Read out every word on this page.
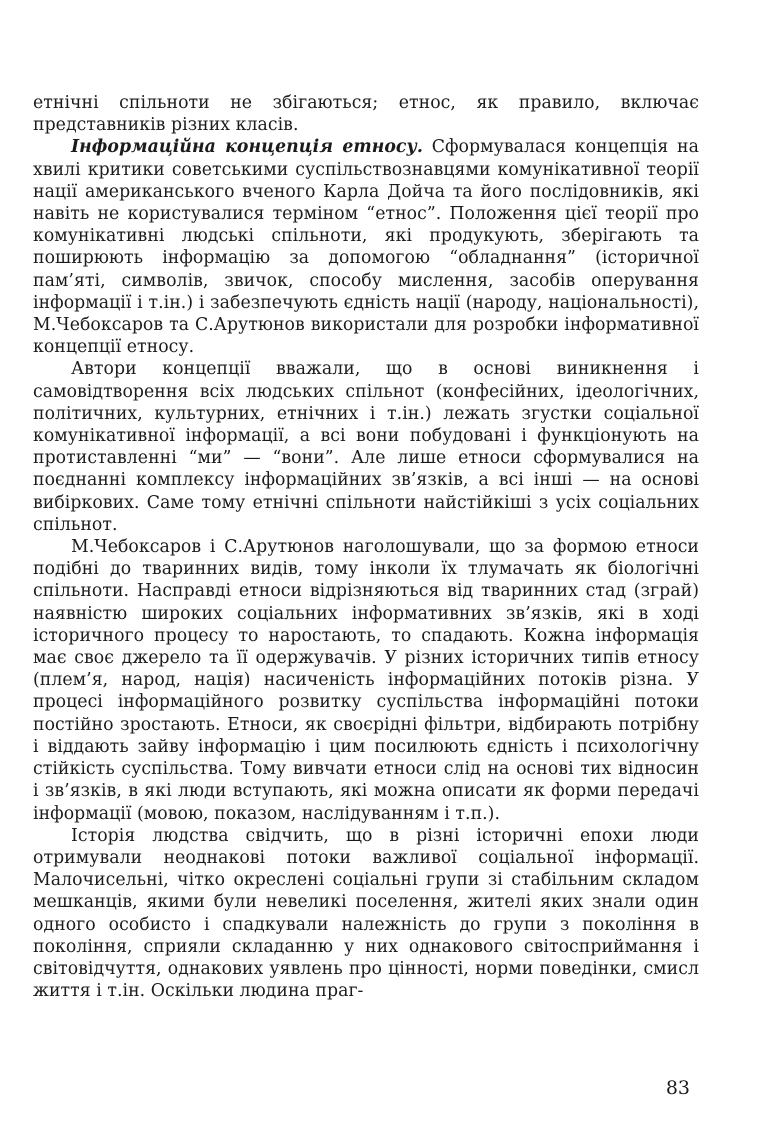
етнічні спільноти не збігаються; етнос, як правило, включає представників різних класів.

Інформаційна концепція етносу. Сформувалася концепція на хвилі критики советськими суспільствознавцями комунікативної теорії нації американського вченого Карла Дойча та його послідовників, які навіть не користувалися терміном “етнос”. Положення цієї теорії про комунікативні людські спільноти, які продукують, зберігають та поширюють інформацію за допомогою “обладнання” (історичної пам’яті, символів, звичок, способу мислення, засобів оперування інформації і т.ін.) і забезпечують єдність нації (народу, національності), М.Чебоксаров та С.Арутюнов використали для розробки інформативної концепції етносу.

Автори концепції вважали, що в основі виникнення і самовідтворення всіх людських спільнот (конфесійних, ідеологічних, політичних, культурних, етнічних і т.ін.) лежать згустки соціальної комунікативної інформації, а всі вони побудовані і функціонують на протиставленні “ми” — “вони”. Але лише етноси сформувалися на поєднанні комплексу інформаційних зв’язків, а всі інші — на основі вибіркових. Саме тому етнічні спільноти найстійкіші з усіх соціальних спільнот.

М.Чебоксаров і С.Арутюнов наголошували, що за формою етноси подібні до тваринних видів, тому інколи їх тлумачать як біологічні спільноти. Насправді етноси відрізняються від тваринних стад (зграй) наявністю широких соціальних інформативних зв’язків, які в ході історичного процесу то наростають, то спадають. Кожна інформація має своє джерело та її одержувачів. У різних історичних типів етносу (плем’я, народ, нація) насиченість інформаційних потоків різна. У процесі інформаційного розвитку суспільства інформаційні потоки постійно зростають. Етноси, як своєрідні фільтри, відбирають потрібну і віддають зайву інформацію і цим посилюють єдність і психологічну стійкість суспільства. Тому вивчати етноси слід на основі тих відносин і зв’язків, в які люди вступають, які можна описати як форми передачі інформації (мовою, показом, наслідуванням і т.п.).

Історія людства свідчить, що в різні історичні епохи люди отримували неоднакові потоки важливої соціальної інформації. Малочисельні, чітко окреслені соціальні групи зі стабільним складом мешканців, якими були невеликі поселення, жителі яких знали один одного особисто і спадкували належність до групи з покоління в покоління, сприяли складанню у них однакового світосприймання і світовідчуття, однакових уявлень про цінності, норми поведінки, смисл життя і т.ін. Оскільки людина праг-

83
